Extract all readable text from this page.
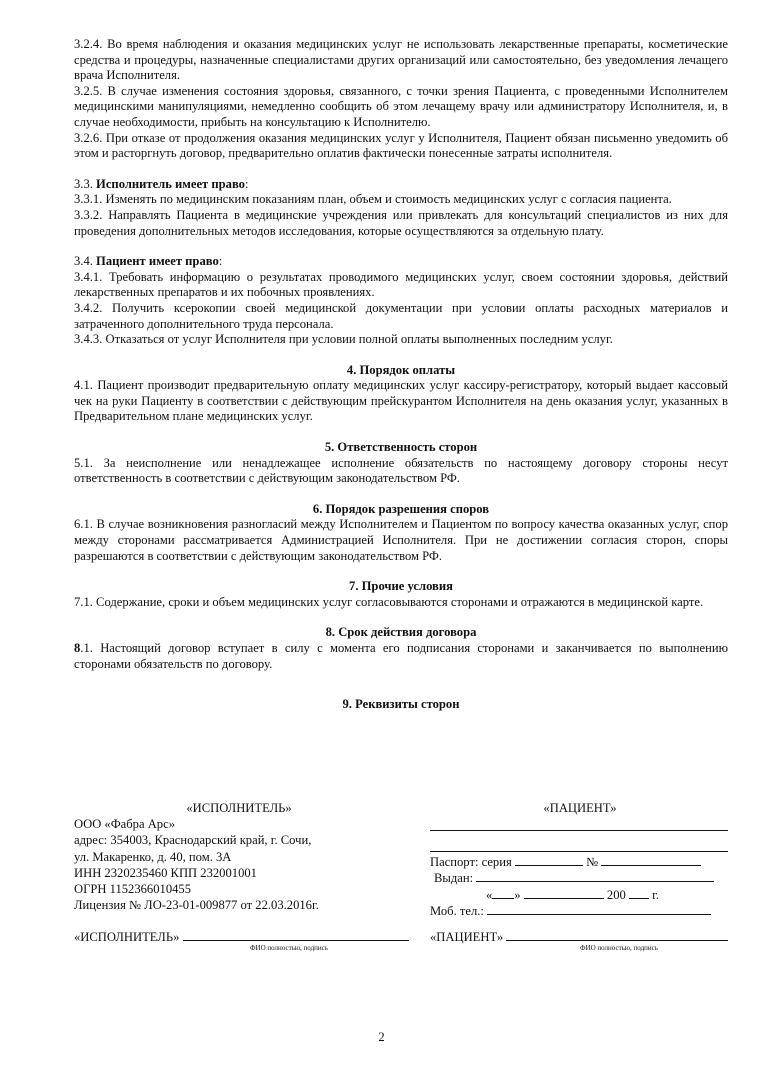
3.2.4. Во время наблюдения и оказания медицинских услуг не использовать лекарственные препараты, косметические средства и процедуры, назначенные специалистами других организаций или самостоятельно, без уведомления лечащего врача Исполнителя.

3.2.5. В случае изменения состояния здоровья, связанного, с точки зрения Пациента, с проведенными Исполнителем медицинскими манипуляциями, немедленно сообщить об этом лечащему врачу или администратору Исполнителя, и, в случае необходимости, прибыть на консультацию к Исполнителю.

3.2.6. При отказе от продолжения оказания медицинских услуг у Исполнителя, Пациент обязан письменно уведомить об этом и расторгнуть договор, предварительно оплатив фактически понесенные затраты исполнителя.

3.3. Исполнитель имеет право:

3.3.1. Изменять по медицинским показаниям план, объем и стоимость медицинских услуг с согласия пациента.

3.3.2. Направлять Пациента в медицинские учреждения или привлекать для консультаций специалистов из них для проведения дополнительных методов исследования, которые осуществляются за отдельную плату.

3.4. Пациент имеет право:

3.4.1. Требовать информацию о результатах проводимого медицинских услуг, своем состоянии здоровья, действий лекарственных препаратов и их побочных проявлениях.

3.4.2. Получить ксерокопии своей медицинской документации при условии оплаты расходных материалов и затраченного дополнительного труда персонала.

3.4.3. Отказаться от услуг Исполнителя при условии полной оплаты выполненных последним услуг.

4. Порядок оплаты

4.1. Пациент производит предварительную оплату медицинских услуг кассиру-регистратору, который выдает кассовый чек на руки Пациенту в соответствии с действующим прейскурантом Исполнителя на день оказания услуг, указанных в Предварительном плане медицинских услуг.

5. Ответственность сторон

5.1. За неисполнение или ненадлежащее исполнение обязательств по настоящему договору стороны несут ответственность в соответствии с действующим законодательством РФ.

6. Порядок разрешения споров

6.1. В случае возникновения разногласий между Исполнителем и Пациентом по вопросу качества оказанных услуг, спор между сторонами рассматривается Администрацией Исполнителя. При не достижении согласия сторон, споры разрешаются в соответствии с действующим законодательством РФ.

7. Прочие условия

7.1. Содержание, сроки и объем медицинских услуг согласовываются сторонами и отражаются в медицинской карте.

8. Срок действия договора

8.1. Настоящий договор вступает в силу с момента его подписания сторонами и заканчивается по выполнению сторонами обязательств по договору.

9. Реквизиты сторон

«ИСПОЛНИТЕЛЬ»
ООО «Фабра Арс»
адрес: 354003, Краснодарский край, г. Сочи,
ул. Макаренко, д. 40, пом. 3А
ИНН 2320235460 КПП 232001001
ОГРН 1152366010455
Лицензия № ЛО-23-01-009877 от 22.03.2016г.
«ПАЦИЕНТ»
Паспорт: серия	№
Выдан:
« »	200 г.
Моб. тел.:
«ИСПОЛНИТЕЛЬ»
ФИО полностью, подпись
«ПАЦИЕНТ»
ФИО полностью, подпись
2
